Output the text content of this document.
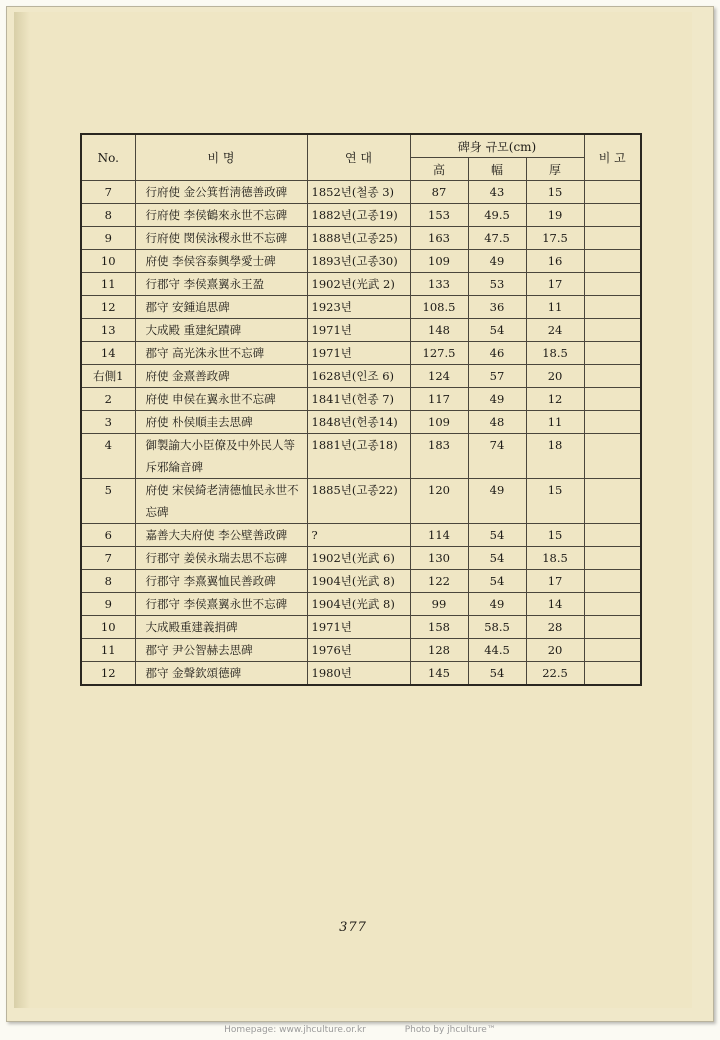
No.	비 명	연 대	碑身 규모(cm)			비 고
			高	幅	厚	
7	行府使 金公箕哲淸德善政碑	1852년(철종 3)	87	43	15	
8	行府使 李侯鶴來永世不忘碑	1882년(고종19)	153	49.5	19	
9	行府使 閔侯泳稷永世不忘碑	1888년(고종25)	163	47.5	17.5	
10	府使 李侯容泰興學愛士碑	1893년(고종30)	109	49	16	
11	行郡守 李侯熹翼永王盈	1902년(光武 2)	133	53	17	
12	郡守 安鍾追思碑	1923년	108.5	36	11	
13	大成殿 重建紀蹟碑	1971년	148	54	24	
14	郡守 高光洙永世不忘碑	1971년	127.5	46	18.5	
右側1	府使 金熹善政碑	1628년(인조 6)	124	57	20	
2	府使 申侯在翼永世不忘碑	1841년(헌종 7)	117	49	12	
3	府使 朴侯順圭去思碑	1848년(헌종14)	109	48	11	
4	御製諭大小臣僚及中外民人等斥邪綸音碑	1881년(고종18)	183	74	18	
5	府使 宋侯綺老淸德恤民永世不忘碑	1885년(고종22)	120	49	15	
6	嘉善大夫府使 李公壁善政碑	?	114	54	15	
7	行郡守 姜侯永瑞去思不忘碑	1902년(光武 6)	130	54	18.5	
8	行郡守 李熹翼恤民善政碑	1904년(光武 8)	122	54	17	
9	行郡守 李侯熹翼永世不忘碑	1904년(光武 8)	99	49	14	
10	大成殿重建義捐碑	1971년	158	58.5	28	
11	郡守 尹公智赫去思碑	1976년	128	44.5	20	
12	郡守 金聲欽頌德碑	1980년	145	54	22.5	
377
Homepage: www.jhculture.or.kr	Photo by jhculture™
